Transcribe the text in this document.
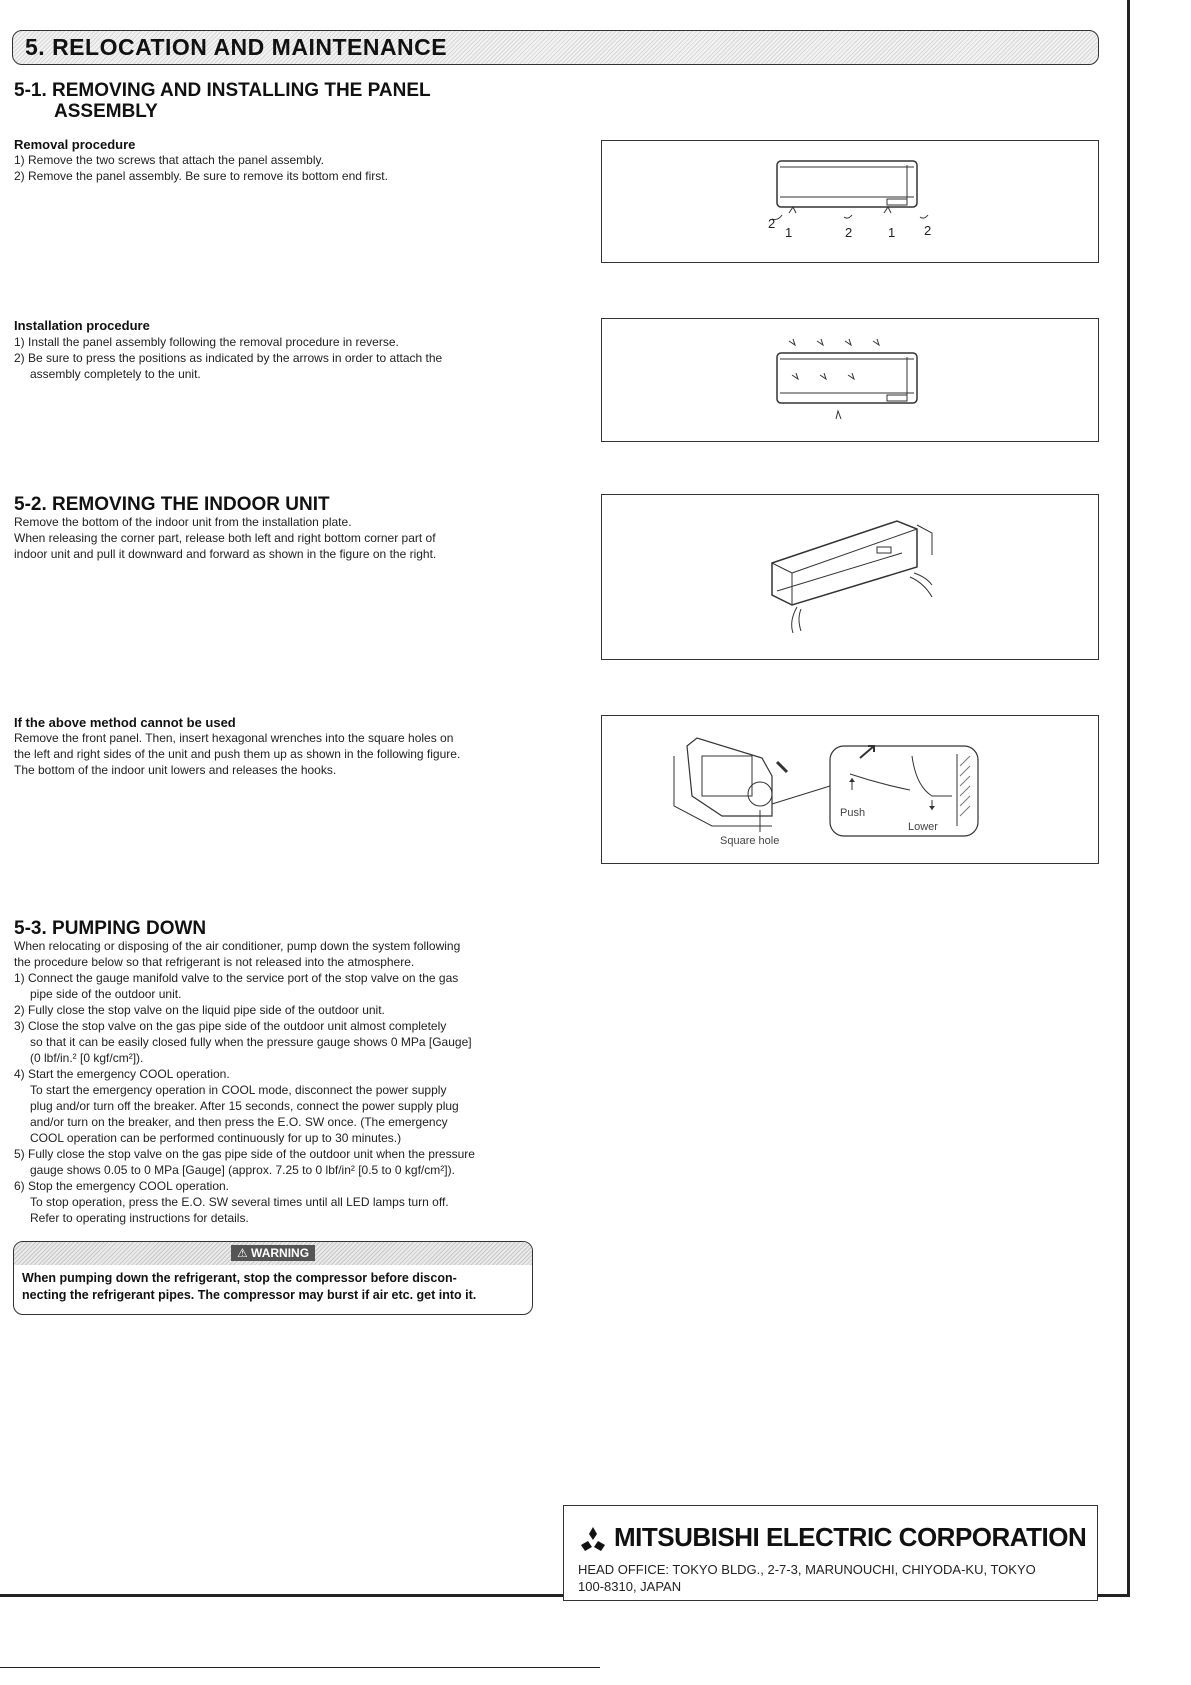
5. RELOCATION AND MAINTENANCE
5-1. REMOVING AND INSTALLING THE PANEL
ASSEMBLY
Removal procedure
1) Remove the two screws that attach the panel assembly.
2) Remove the panel assembly. Be sure to remove its bottom end first.
Installation procedure
1) Install the panel assembly following the removal procedure in reverse.
2) Be sure to press the positions as indicated by the arrows in order to attach the
assembly completely to the unit.
2
1	2	1 2
5-2. REMOVING THE INDOOR UNIT
Remove the bottom of the indoor unit from the installation plate.
When releasing the corner part, release both left and right bottom corner part of
indoor unit and pull it downward and forward as shown in the figure on the right.
If the above method cannot be used
Remove the front panel. Then, insert hexagonal wrenches into the square holes on
the left and right sides of the unit and push them up as shown in the following figure.
The bottom of the indoor unit lowers and releases the hooks.
Square hole
Push
Lower
5-3. PUMPING DOWN
When relocating or disposing of the air conditioner, pump down the system following
the procedure below so that refrigerant is not released into the atmosphere.
1) Connect the gauge manifold valve to the service port of the stop valve on the gas
pipe side of the outdoor unit.
2) Fully close the stop valve on the liquid pipe side of the outdoor unit.
3) Close the stop valve on the gas pipe side of the outdoor unit almost completely
so that it can be easily closed fully when the pressure gauge shows 0 MPa [Gauge]
(0 lbf/in.² [0 kgf/cm²]).
4) Start the emergency COOL operation.
To start the emergency operation in COOL mode, disconnect the power supply
plug and/or turn off the breaker. After 15 seconds, connect the power supply plug
and/or turn on the breaker, and then press the E.O. SW once. (The emergency
COOL operation can be performed continuously for up to 30 minutes.)
5) Fully close the stop valve on the gas pipe side of the outdoor unit when the pressure
gauge shows 0.05 to 0 MPa [Gauge] (approx. 7.25 to 0 lbf/in² [0.5 to 0 kgf/cm²]).
6) Stop the emergency COOL operation.
To stop operation, press the E.O. SW several times until all LED lamps turn off.
Refer to operating instructions for details.
⚠ WARNING
When pumping down the refrigerant, stop the compressor before discon-
necting the refrigerant pipes. The compressor may burst if air etc. get into it.
MITSUBISHI ELECTRIC CORPORATION
HEAD OFFICE: TOKYO BLDG., 2-7-3, MARUNOUCHI, CHIYODA-KU, TOKYO
100-8310, JAPAN
